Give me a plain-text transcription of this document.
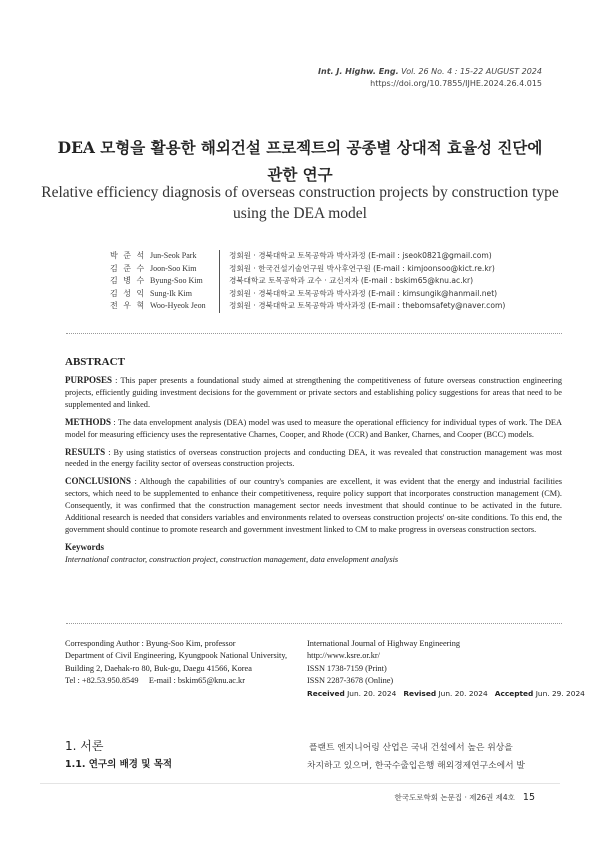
Int. J. Highw. Eng. Vol. 26 No. 4 : 15-22 AUGUST 2024
https://doi.org/10.7855/IJHE.2024.26.4.015
DEA 모형을 활용한 해외건설 프로젝트의 공종별 상대적 효율성 진단에
관한 연구
Relative efficiency diagnosis of overseas construction projects by construction type
using the DEA model
박 준 석 Jun-Seok Park	정회원 · 경북대학교 토목공학과 박사과정 (E-mail : jseok0821@gmail.com)
김 준 수 Joon-Soo Kim	정회원 · 한국건설기술연구원 박사후연구원 (E-mail : kimjoonsoo@kict.re.kr)
김 병 수 Byung-Soo Kim	경북대학교 토목공학과 교수 · 교신저자 (E-mail : bskim65@knu.ac.kr)
김 성 익 Sung-Ik Kim	정회원 · 경북대학교 토목공학과 박사과정 (E-mail : kimsungik@hanmail.net)
전 우 혁 Woo-Hyeok Jeon	정회원 · 경북대학교 토목공학과 박사과정 (E-mail : thebomsafety@naver.com)
ABSTRACT

PURPOSES : This paper presents a foundational study aimed at strengthening the competitiveness of future overseas construction engineering projects, efficiently guiding investment decisions for the government or private sectors and establishing policy suggestions for areas that need to be supplemented and linked.

METHODS : The data envelopment analysis (DEA) model was used to measure the operational efficiency for individual types of work. The DEA model for measuring efficiency uses the representative Charnes, Cooper, and Rhode (CCR) and Banker, Charnes, and Cooper (BCC) models.

RESULTS : By using statistics of overseas construction projects and conducting DEA, it was revealed that construction management was most needed in the energy facility sector of overseas construction projects.

CONCLUSIONS : Although the capabilities of our country's companies are excellent, it was evident that the energy and industrial facilities sectors, which need to be supplemented to enhance their competitiveness, require policy support that incorporates construction management (CM). Consequently, it was confirmed that the construction management sector needs investment that should continue to be activated in the future. Additional research is needed that considers variables and environments related to overseas construction projects' on-site conditions. To this end, the government should continue to promote research and government investment linked to CM to make progress in overseas construction sectors.

Keywords
International contractor, construction project, construction management, data envelopment analysis
Corresponding Author : Byung-Soo Kim, professor
Department of Civil Engineering, Kyungpook National University,
Building 2, Daehak-ro 80, Buk-gu, Daegu 41566, Korea
Tel : +82.53.950.8549     E-mail : bskim65@knu.ac.kr
International Journal of Highway Engineering
http://www.ksre.or.kr/
ISSN 1738-7159 (Print)
ISSN 2287-3678 (Online)
Received Jun. 20. 2024 Revised Jun. 20. 2024 Accepted Jun. 29. 2024
1. 서론
1.1. 연구의 배경 및 목적
플랜트 엔지니어링 산업은 국내 건설에서 높은 위상을
차지하고 있으며, 한국수출입은행 해외경제연구소에서 발
한국도로학회 논문집 · 제26권 제4호 15
